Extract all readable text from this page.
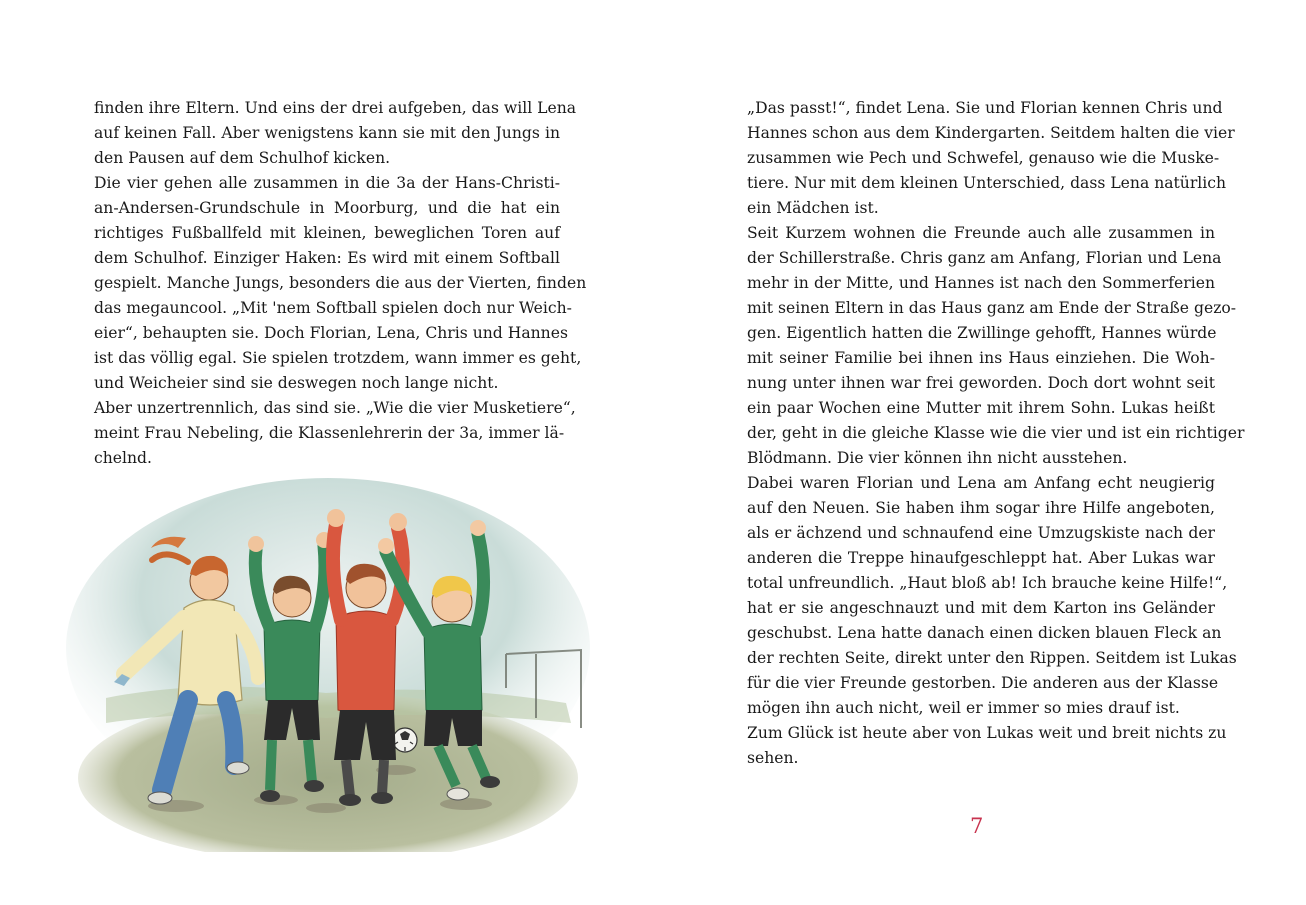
finden ihre Eltern. Und eins der drei aufgeben, das will Lena
auf keinen Fall. Aber wenigstens kann sie mit den Jungs in
den Pausen auf dem Schulhof kicken.
Die vier gehen alle zusammen in die 3a der Hans-Christi-
an-Andersen-Grundschule in Moorburg, und die hat ein
richtiges Fußballfeld mit kleinen, beweglichen Toren auf
dem Schulhof. Einziger Haken: Es wird mit einem Softball
gespielt. Manche Jungs, besonders die aus der Vierten, finden
das megauncool. „Mit 'nem Softball spielen doch nur Weich-
eier“, behaupten sie. Doch Florian, Lena, Chris und Hannes
ist das völlig egal. Sie spielen trotzdem, wann immer es geht,
und Weicheier sind sie deswegen noch lange nicht.
Aber unzertrennlich, das sind sie. „Wie die vier Musketiere“,
meint Frau Nebeling, die Klassenlehrerin der 3a, immer lä-
chelnd.
„Das passt!“, findet Lena. Sie und Florian kennen Chris und
Hannes schon aus dem Kindergarten. Seitdem halten die vier
zusammen wie Pech und Schwefel, genauso wie die Muske-
tiere. Nur mit dem kleinen Unterschied, dass Lena natürlich
ein Mädchen ist.
Seit Kurzem wohnen die Freunde auch alle zusammen in
der Schillerstraße. Chris ganz am Anfang, Florian und Lena
mehr in der Mitte, und Hannes ist nach den Sommerferien
mit seinen Eltern in das Haus ganz am Ende der Straße gezo-
gen. Eigentlich hatten die Zwillinge gehofft, Hannes würde
mit seiner Familie bei ihnen ins Haus einziehen. Die Woh-
nung unter ihnen war frei geworden. Doch dort wohnt seit
ein paar Wochen eine Mutter mit ihrem Sohn. Lukas heißt
der, geht in die gleiche Klasse wie die vier und ist ein richtiger
Blödmann. Die vier können ihn nicht ausstehen.
Dabei waren Florian und Lena am Anfang echt neugierig
auf den Neuen. Sie haben ihm sogar ihre Hilfe angeboten,
als er ächzend und schnaufend eine Umzugskiste nach der
anderen die Treppe hinaufgeschleppt hat. Aber Lukas war
total unfreundlich. „Haut bloß ab! Ich brauche keine Hilfe!“,
hat er sie angeschnauzt und mit dem Karton ins Geländer
geschubst. Lena hatte danach einen dicken blauen Fleck an
der rechten Seite, direkt unter den Rippen. Seitdem ist Lukas
für die vier Freunde gestorben. Die anderen aus der Klasse
mögen ihn auch nicht, weil er immer so mies drauf ist.
Zum Glück ist heute aber von Lukas weit und breit nichts zu
sehen.
7
